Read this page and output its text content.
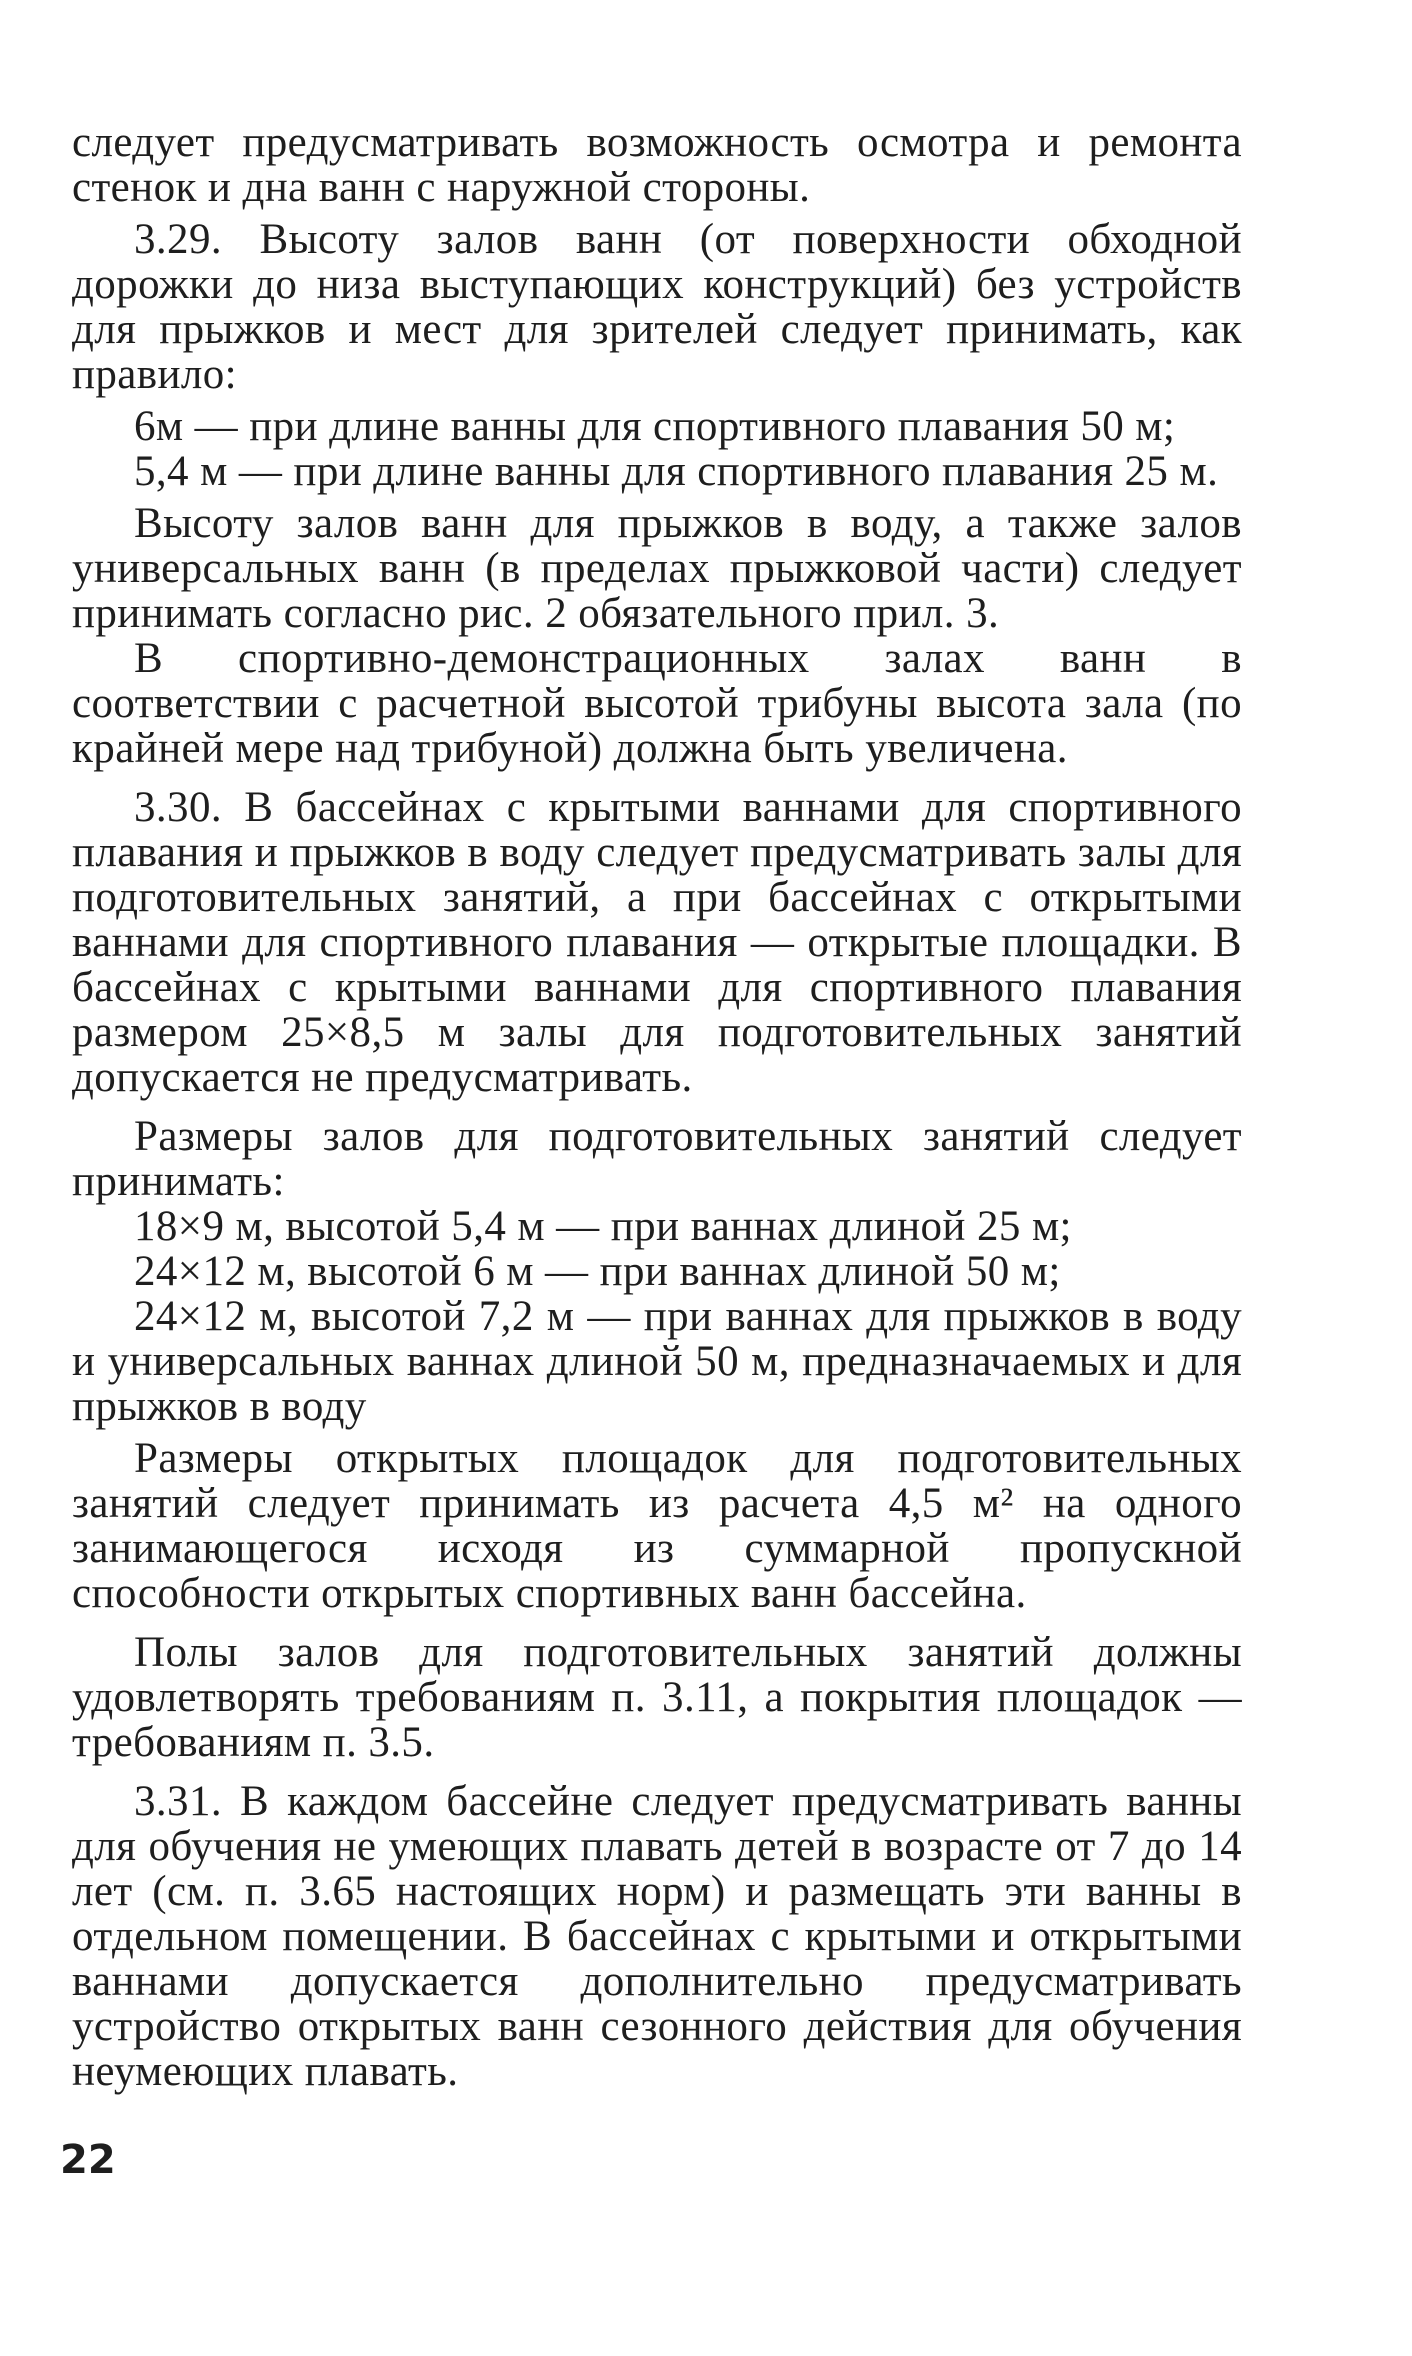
следует предусматривать возможность осмотра и ремонта стенок и дна ванн с наружной стороны.

3.29. Высоту залов ванн (от поверхности обходной дорожки до низа выступающих конструкций) без устройств для прыжков и мест для зрителей следует принимать, как правило:

6м — при длине ванны для спортивного плавания 50 м;

5,4 м — при длине ванны для спортивного плавания 25 м.

Высоту залов ванн для прыжков в воду, а также залов универсальных ванн (в пределах прыжковой части) следует принимать согласно рис. 2 обязательного прил. 3.

В спортивно-демонстрационных залах ванн в соответствии с расчетной высотой трибуны высота зала (по крайней мере над трибуной) должна быть увеличена.

3.30. В бассейнах с крытыми ваннами для спортивного плавания и прыжков в воду следует предусматривать залы для подготовительных занятий, а при бассейнах с открытыми ваннами для спортивного плавания — открытые площадки. В бассейнах с крытыми ваннами для спортивного плавания размером 25×8,5 м залы для подготовительных занятий допускается не предусматривать.

Размеры залов для подготовительных занятий следует принимать:

18×9 м, высотой 5,4 м — при ваннах длиной 25 м;

24×12 м, высотой 6 м — при ваннах длиной 50 м;

24×12 м, высотой 7,2 м — при ваннах для прыжков в воду и универсальных ваннах длиной 50 м, предназначаемых и для прыжков в воду

Размеры открытых площадок для подготовительных занятий следует принимать из расчета 4,5 м² на одного занимающегося исходя из суммарной пропускной способности открытых спортивных ванн бассейна.

Полы залов для подготовительных занятий должны удовлетворять требованиям п. 3.11, а покрытия площадок — требованиям п. 3.5.

3.31. В каждом бассейне следует предусматривать ванны для обучения не умеющих плавать детей в возрасте от 7 до 14 лет (см. п. 3.65 настоящих норм) и размещать эти ванны в отдельном помещении. В бассейнах с крытыми и открытыми ваннами допускается дополнительно предусматривать устройство открытых ванн сезонного действия для обучения неумеющих плавать.

22
